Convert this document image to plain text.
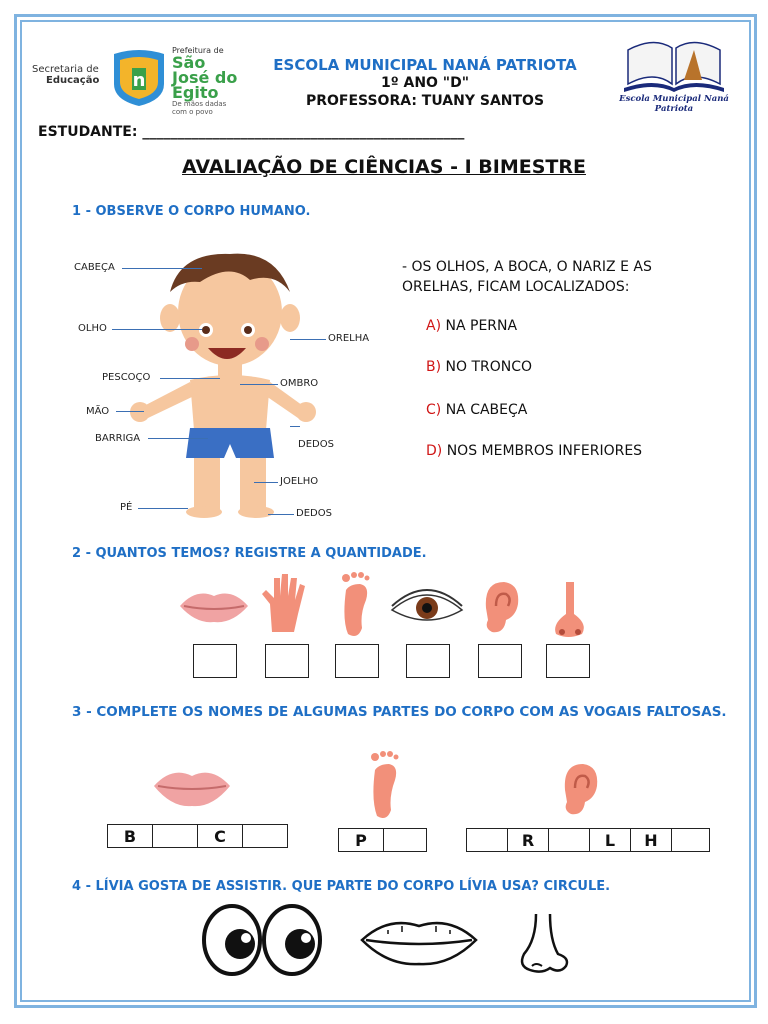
Secretaria de
Educação	n
Prefeitura de
São José do Egito
De mãos dadas com o povo
ESCOLA MUNICIPAL NANÁ PATRIOTA
1º ANO "D"
PROFESSORA: TUANY SANTOS	Escola Municipal Naná Patriota
ESTUDANTE: ______________________________________________
AVALIAÇÃO DE CIÊNCIAS - I BIMESTRE
1 - OBSERVE O CORPO HUMANO.
CABEÇA
OLHO
PESCOÇO
MÃO
BARRIGA
PÉ
ORELHA
OMBRO
DEDOS
JOELHO
DEDOS
- OS OLHOS, A BOCA, O NARIZ E AS ORELHAS, FICAM LOCALIZADOS:
A) NA PERNA
B) NO TRONCO
C) NA CABEÇA
D) NOS MEMBROS INFERIORES
2 - QUANTOS TEMOS? REGISTRE A QUANTIDADE.
3 - COMPLETE OS NOMES DE ALGUMAS PARTES DO CORPO COM AS VOGAIS FALTOSAS.
B	C	P	R	L	H
4 - LÍVIA GOSTA DE ASSISTIR. QUE PARTE DO CORPO LÍVIA USA? CIRCULE.
